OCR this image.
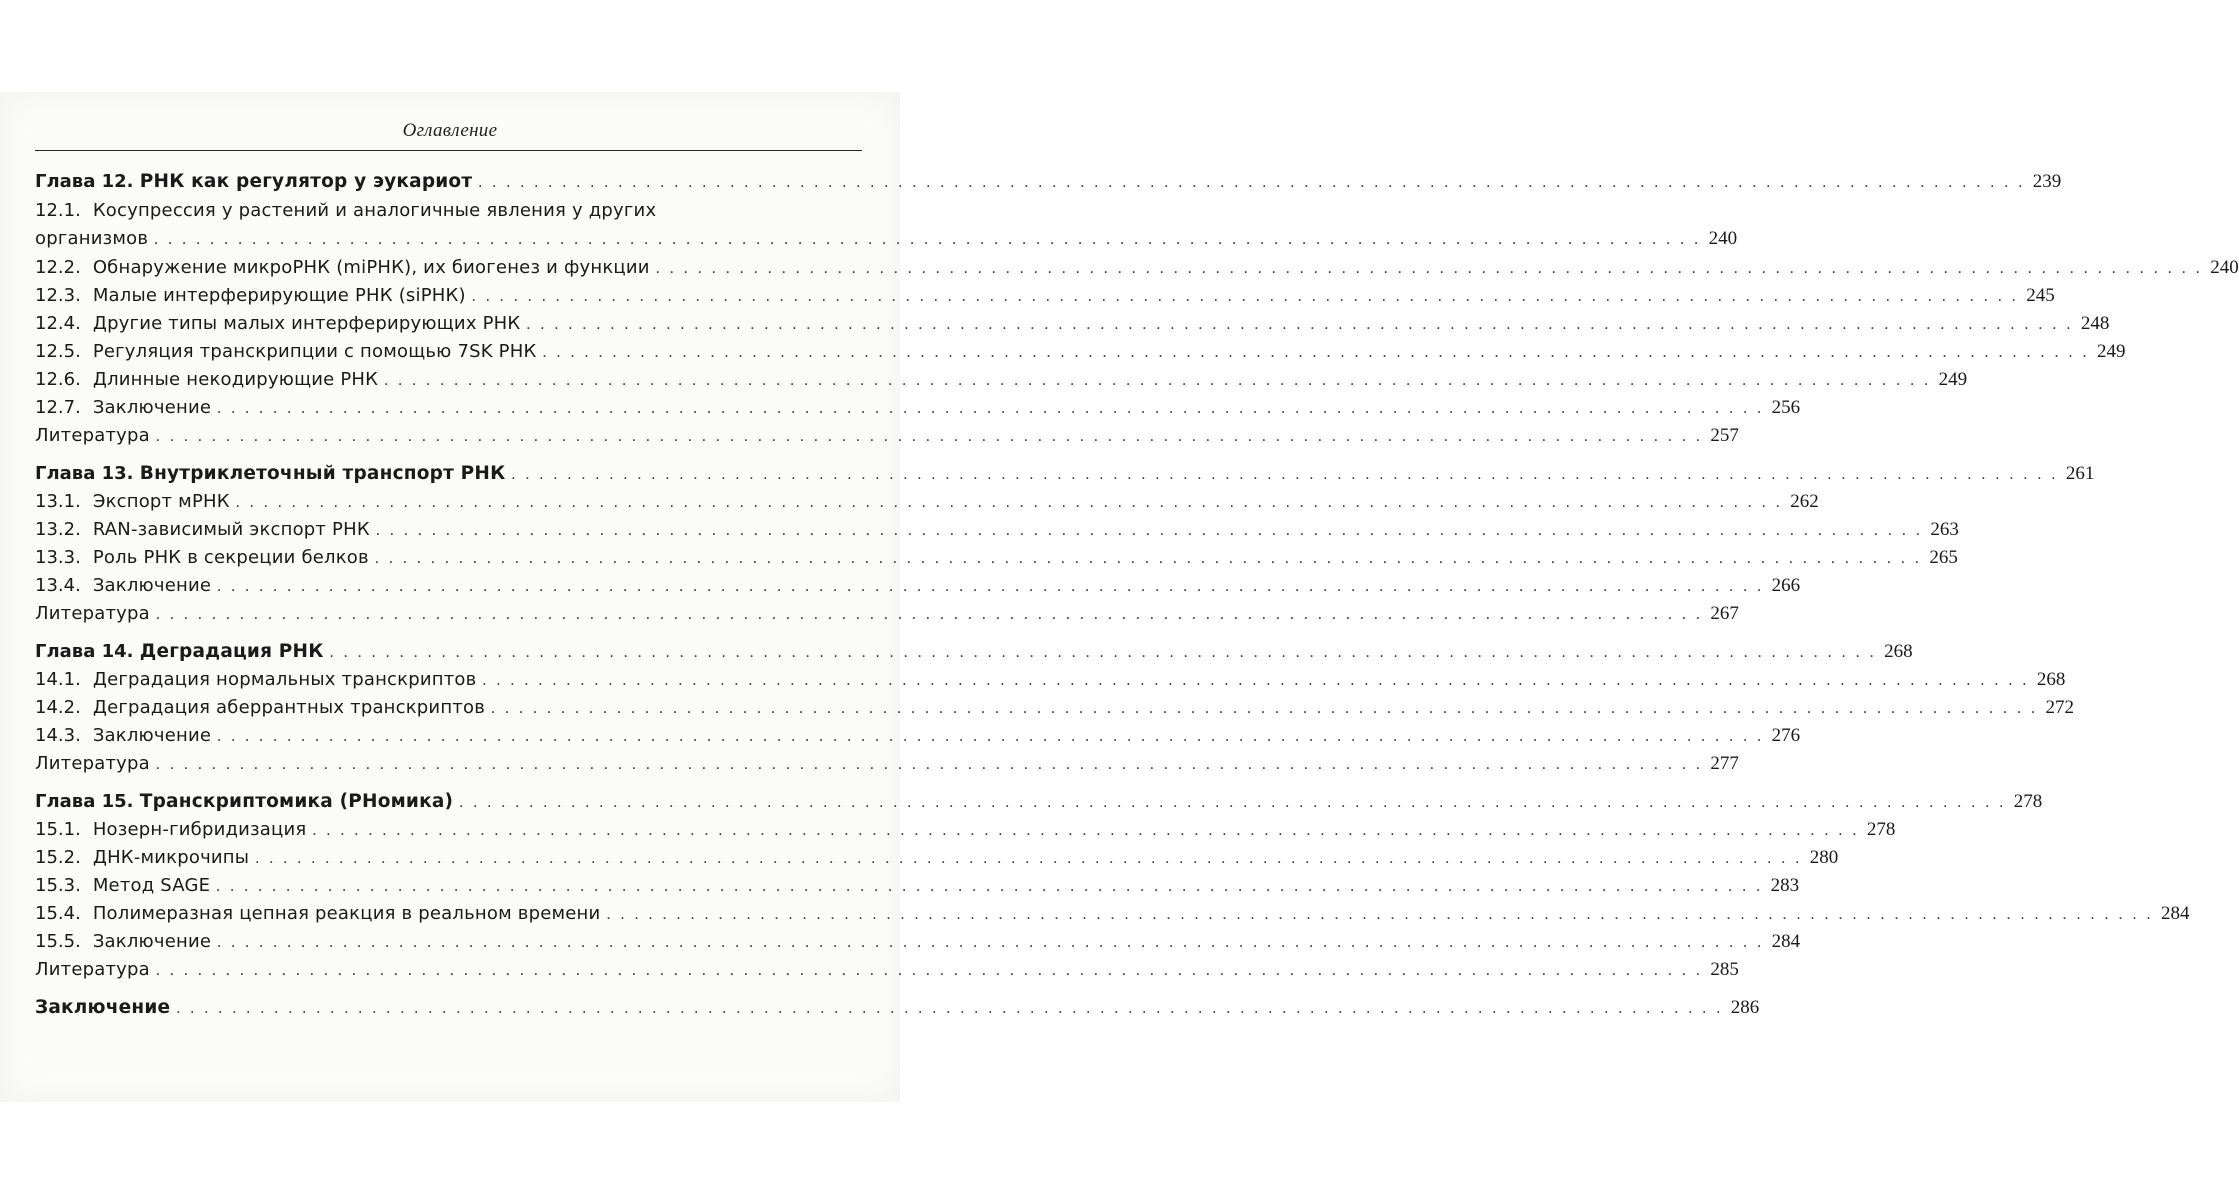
Оглавление
Глава 12. РНК как регулятор у эукариот . . .	239
12.1. Косупрессия у растений и аналогичные явления у других
организмов . . .	240
12.2. Обнаружение микроРНК (miРНК), их биогенез и функции . . .	240
12.3. Малые интерферирующие РНК (siРНК) . . .	245
12.4. Другие типы малых интерферирующих РНК . . .	248
12.5. Регуляция транскрипции с помощью 7SK РНК . . .	249
12.6. Длинные некодирующие РНК . . .	249
12.7. Заключение . . .	256
Литература . . .	257
Глава 13. Внутриклеточный транспорт РНК . . .	261
13.1. Экспорт мРНК . . .	262
13.2. RAN-зависимый экспорт РНК . . .	263
13.3. Роль РНК в секреции белков . . .	265
13.4. Заключение . . .	266
Литература . . .	267
Глава 14. Деградация РНК . . .	268
14.1. Деградация нормальных транскриптов . . .	268
14.2. Деградация аберрантных транскриптов . . .	272
14.3. Заключение . . .	276
Литература . . .	277
Глава 15. Транскриптомика (РНомика) . . .	278
15.1. Нозерн-гибридизация . . .	278
15.2. ДНК-микрочипы . . .	280
15.3. Метод SAGE . . .	283
15.4. Полимеразная цепная реакция в реальном времени . . .	284
15.5. Заключение . . .	284
Литература . . .	285
Заключение . . .	286
